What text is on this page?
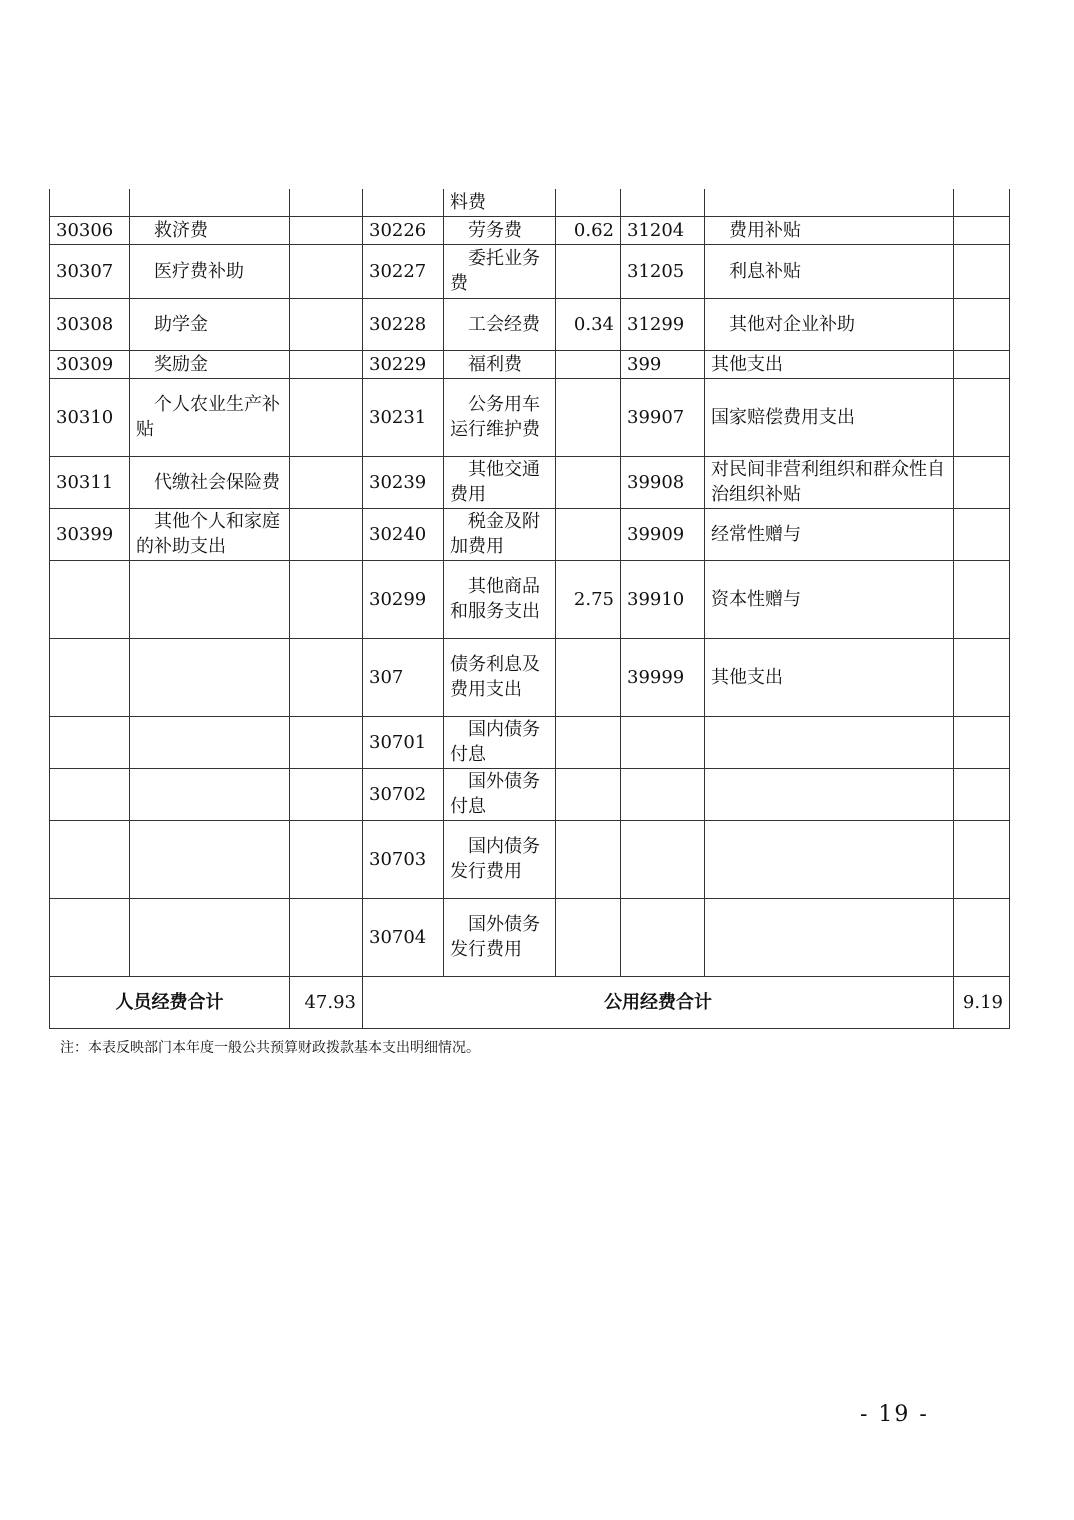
				料费				
30306	救济费		30226	劳务费	0.62	31204	费用补贴	
30307	医疗费补助		30227	委托业务费		31205	利息补贴	
30308	助学金		30228	工会经费	0.34	31299	其他对企业补助	
30309	奖励金		30229	福利费		399	其他支出	
30310	个人农业生产补贴		30231	公务用车运行维护费		39907	国家赔偿费用支出	
30311	代缴社会保险费		30239	其他交通费用		39908	对民间非营利组织和群众性自治组织补贴	
30399	其他个人和家庭的补助支出		30240	税金及附加费用		39909	经常性赠与	
			30299	其他商品和服务支出	2.75	39910	资本性赠与	
			307	债务利息及费用支出		39999	其他支出	
			30701	国内债务付息				
			30702	国外债务付息				
			30703	国内债务发行费用				
			30704	国外债务发行费用				
人员经费合计		47.93	公用经费合计					9.19
注：本表反映部门本年度一般公共预算财政拨款基本支出明细情况。
- 19 -
